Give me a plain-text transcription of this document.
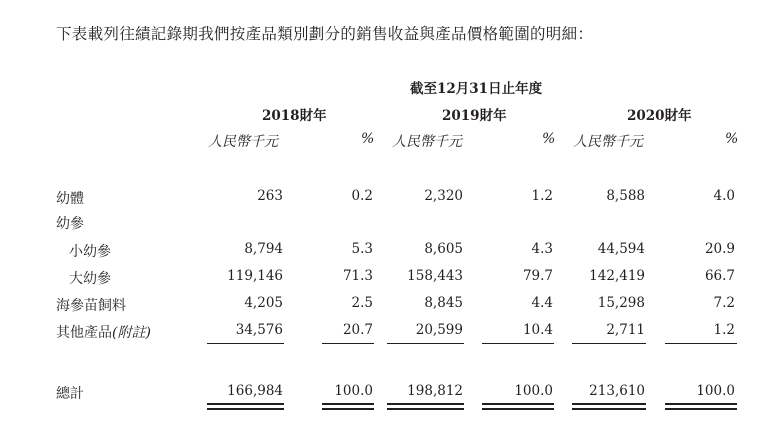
下表載列往績記錄期我們按產品類別劃分的銷售收益與產品價格範圍的明細：
截至12月31日止年度
2018財年	2019財年	2020財年
人民幣千元	% 人民幣千元	% 人民幣千元	%
幼體	263	0.2	2,320	1.2	8,588	4.0
幼參
小幼參	8,794	5.3	8,605	4.3	44,594	20.9
大幼參	119,146	71.3	158,443	79.7	142,419	66.7
海參苗飼料	4,205	2.5	8,845	4.4	15,298	7.2
其他產品(附註)	34,576	20.7	20,599	10.4	2,711	1.2
總計	166,984	100.0	198,812	100.0	213,610	100.0
